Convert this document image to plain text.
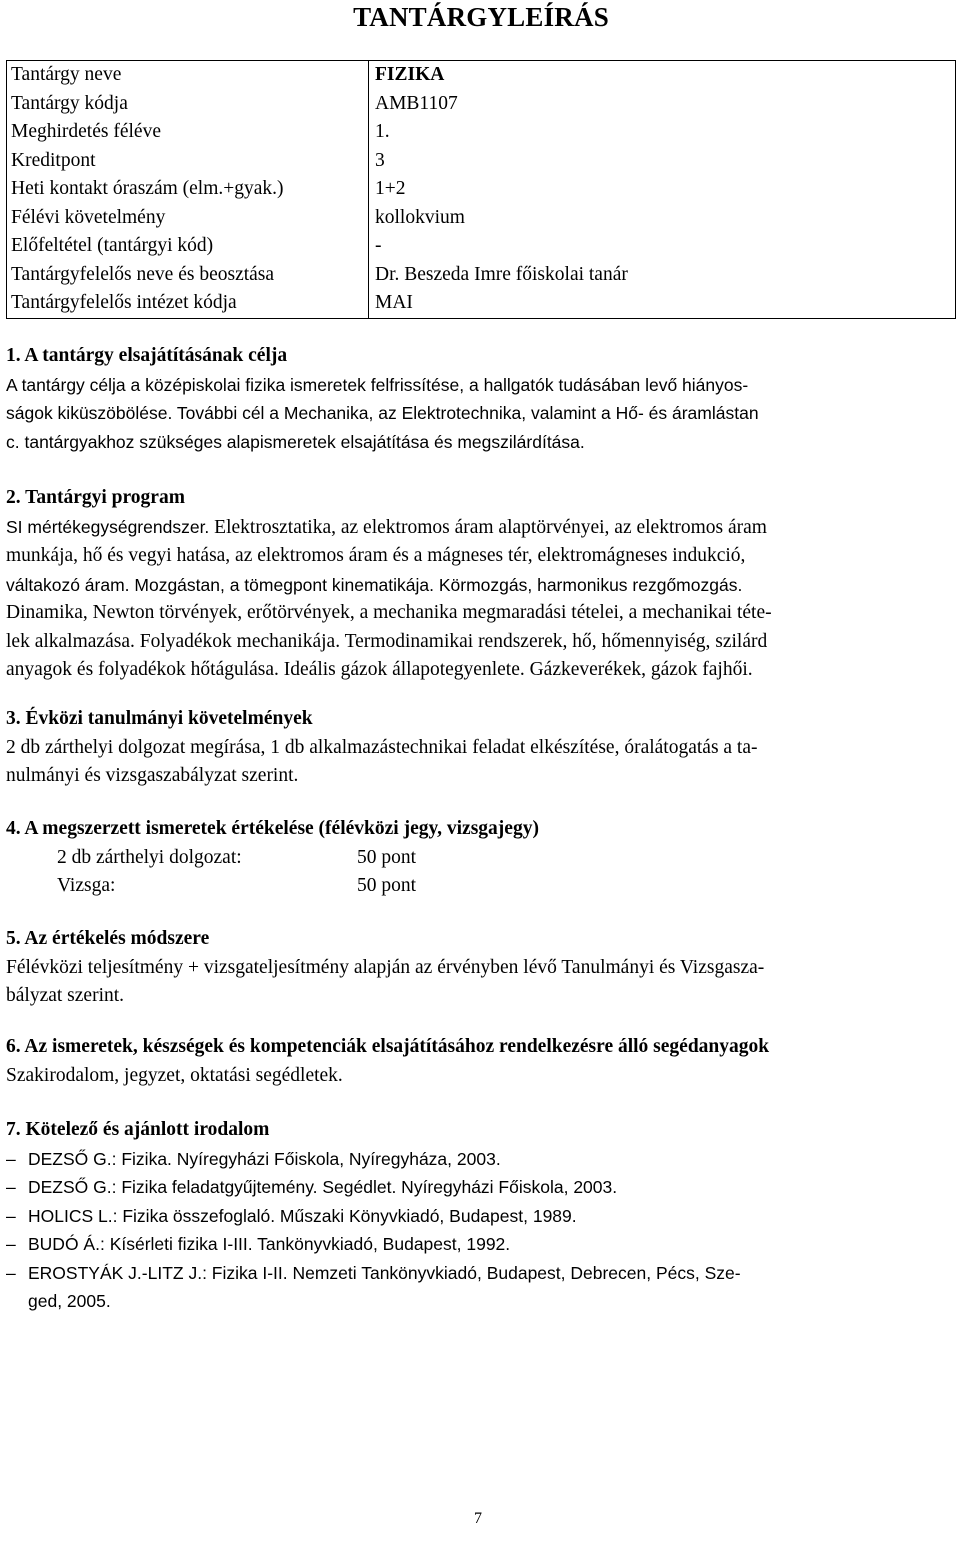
TANTÁRGYLEÍRÁS
Tantárgy neve	FIZIKA
Tantárgy kódja	AMB1107
Meghirdetés féléve	1.
Kreditpont	3
Heti kontakt óraszám (elm.+gyak.)	1+2
Félévi követelmény	kollokvium
Előfeltétel (tantárgyi kód)	-
Tantárgyfelelős neve és beosztása	Dr. Beszeda Imre főiskolai tanár
Tantárgyfelelős intézet kódja	MAI
1. A tantárgy elsajátításának célja
A tantárgy célja a középiskolai fizika ismeretek felfrissítése, a hallgatók tudásában levő hiányos-
ságok kiküszöbölése. További cél a Mechanika, az Elektrotechnika, valamint a Hő- és áramlástan
c. tantárgyakhoz szükséges alapismeretek elsajátítása és megszilárdítása.
2. Tantárgyi program
SI mértékegységrendszer. Elektrosztatika, az elektromos áram alaptörvényei, az elektromos áram
munkája, hő és vegyi hatása, az elektromos áram és a mágneses tér, elektromágneses indukció,
váltakozó áram. Mozgástan, a tömegpont kinematikája. Körmozgás, harmonikus rezgőmozgás.
Dinamika, Newton törvények, erőtörvények, a mechanika megmaradási tételei, a mechanikai téte-
lek alkalmazása. Folyadékok mechanikája. Termodinamikai rendszerek, hő, hőmennyiség, szilárd
anyagok és folyadékok hőtágulása. Ideális gázok állapotegyenlete. Gázkeverékek, gázok fajhői.
3. Évközi tanulmányi követelmények
2 db zárthelyi dolgozat megírása, 1 db alkalmazástechnikai feladat elkészítése, óralátogatás a ta-
nulmányi és vizsgaszabályzat szerint.
4. A megszerzett ismeretek értékelése (félévközi jegy, vizsgajegy)
2 db zárthelyi dolgozat:	50 pont
Vizsga:	50 pont
5. Az értékelés módszere
Félévközi teljesítmény + vizsgateljesítmény alapján az érvényben lévő Tanulmányi és Vizsgasza-
bályzat szerint.
6. Az ismeretek, készségek és kompetenciák elsajátításához rendelkezésre álló segédanyagok
Szakirodalom, jegyzet, oktatási segédletek.
7. Kötelező és ajánlott irodalom
– DEZSŐ G.: Fizika. Nyíregyházi Főiskola, Nyíregyháza, 2003.
– DEZSŐ G.: Fizika feladatgyűjtemény. Segédlet. Nyíregyházi Főiskola, 2003.
– HOLICS L.: Fizika összefoglaló. Műszaki Könyvkiadó, Budapest, 1989.
– BUDÓ Á.: Kísérleti fizika I-III. Tankönyvkiadó, Budapest, 1992.
– EROSTYÁK J.-LITZ J.: Fizika I-II. Nemzeti Tankönyvkiadó, Budapest, Debrecen, Pécs, Sze-
ged, 2005.
7
